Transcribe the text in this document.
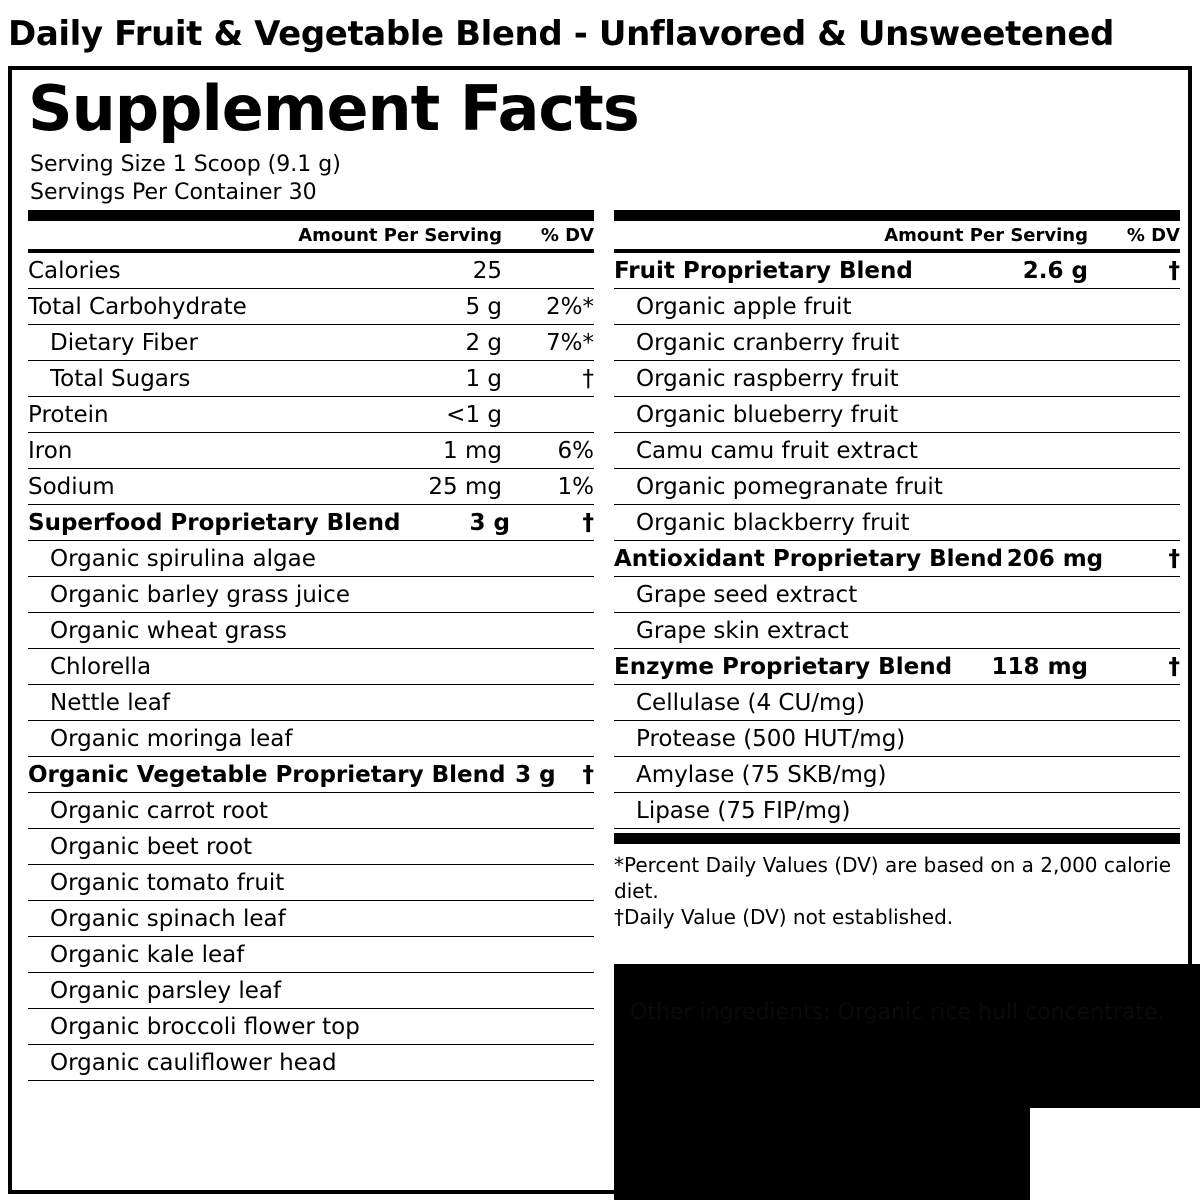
Daily Fruit & Vegetable Blend - Unflavored & Unsweetened
Supplement Facts
Serving Size 1 Scoop (9.1 g)
Servings Per Container 30
Amount Per Serving	% DV
Calories	25
Total Carbohydrate	5 g	2%*
Dietary Fiber	2 g	7%*
Total Sugars	1 g	†
Protein	<1 g
Iron	1 mg	6%
Sodium	25 mg	1%
Superfood Proprietary Blend	3 g	†
Organic spirulina algae
Organic barley grass juice
Organic wheat grass
Chlorella
Nettle leaf
Organic moringa leaf
Organic Vegetable Proprietary Blend 3 g	†
Organic carrot root
Organic beet root
Organic tomato fruit
Organic spinach leaf
Organic kale leaf
Organic parsley leaf
Organic broccoli flower top
Organic cauliflower head
Amount Per Serving	% DV
Fruit Proprietary Blend	2.6 g	†
Organic apple fruit
Organic cranberry fruit
Organic raspberry fruit
Organic blueberry fruit
Camu camu fruit extract
Organic pomegranate fruit
Organic blackberry fruit
Antioxidant Proprietary Blend 206 mg	†
Grape seed extract
Grape skin extract
Enzyme Proprietary Blend	118 mg	†
Cellulase (4 CU/mg)
Protease (500 HUT/mg)
Amylase (75 SKB/mg)
Lipase (75 FIP/mg)
*Percent Daily Values (DV) are based on a 2,000 calorie diet.
†Daily Value (DV) not established.
Other ingredients: Organic rice hull concentrate.
